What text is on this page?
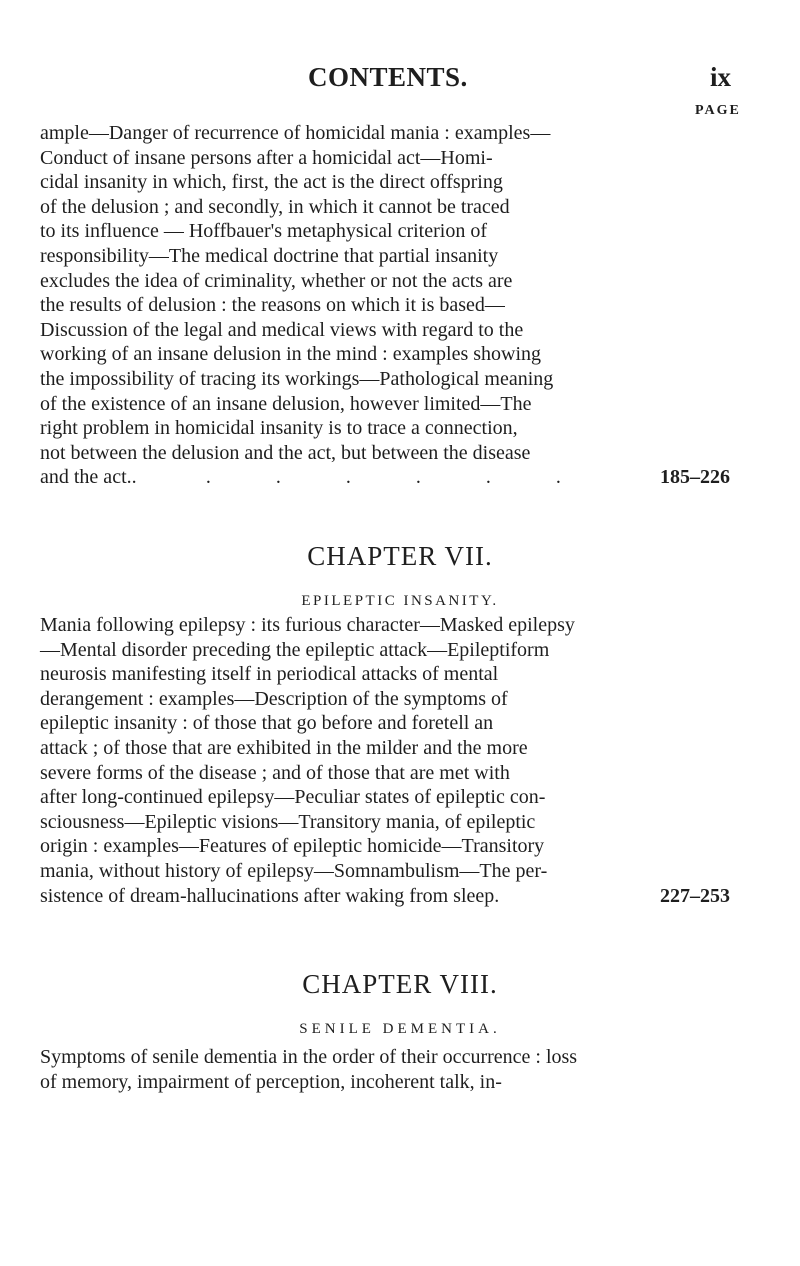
CONTENTS.	ix
PAGE
ample—Danger of recurrence of homicidal mania : examples—
Conduct of insane persons after a homicidal act—Homi-
cidal insanity in which, first, the act is the direct offspring
of the delusion ; and secondly, in which it cannot be traced
to its influence — Hoffbauer's metaphysical criterion of
responsibility—The medical doctrine that partial insanity
excludes the idea of criminality, whether or not the acts are
the results of delusion : the reasons on which it is based—
Discussion of the legal and medical views with regard to the
working of an insane delusion in the mind : examples showing
the impossibility of tracing its workings—Pathological meaning
of the existence of an insane delusion, however limited—The
right problem in homicidal insanity is to trace a connection,
not between the delusion and the act, but between the disease
and the act..	. . . . . .	185–226
CHAPTER VII.
EPILEPTIC INSANITY.
Mania following epilepsy : its furious character—Masked epilepsy
—Mental disorder preceding the epileptic attack—Epileptiform
neurosis manifesting itself in periodical attacks of mental
derangement : examples—Description of the symptoms of
epileptic insanity : of those that go before and foretell an
attack ; of those that are exhibited in the milder and the more
severe forms of the disease ; and of those that are met with
after long-continued epilepsy—Peculiar states of epileptic con-
sciousness—Epileptic visions—Transitory mania, of epileptic
origin : examples—Features of epileptic homicide—Transitory
mania, without history of epilepsy—Somnambulism—The per-
sistence of dream-hallucinations after waking from sleep.	227–253
CHAPTER VIII.
SENILE DEMENTIA.
Symptoms of senile dementia in the order of their occurrence : loss
of memory, impairment of perception, incoherent talk, in-
